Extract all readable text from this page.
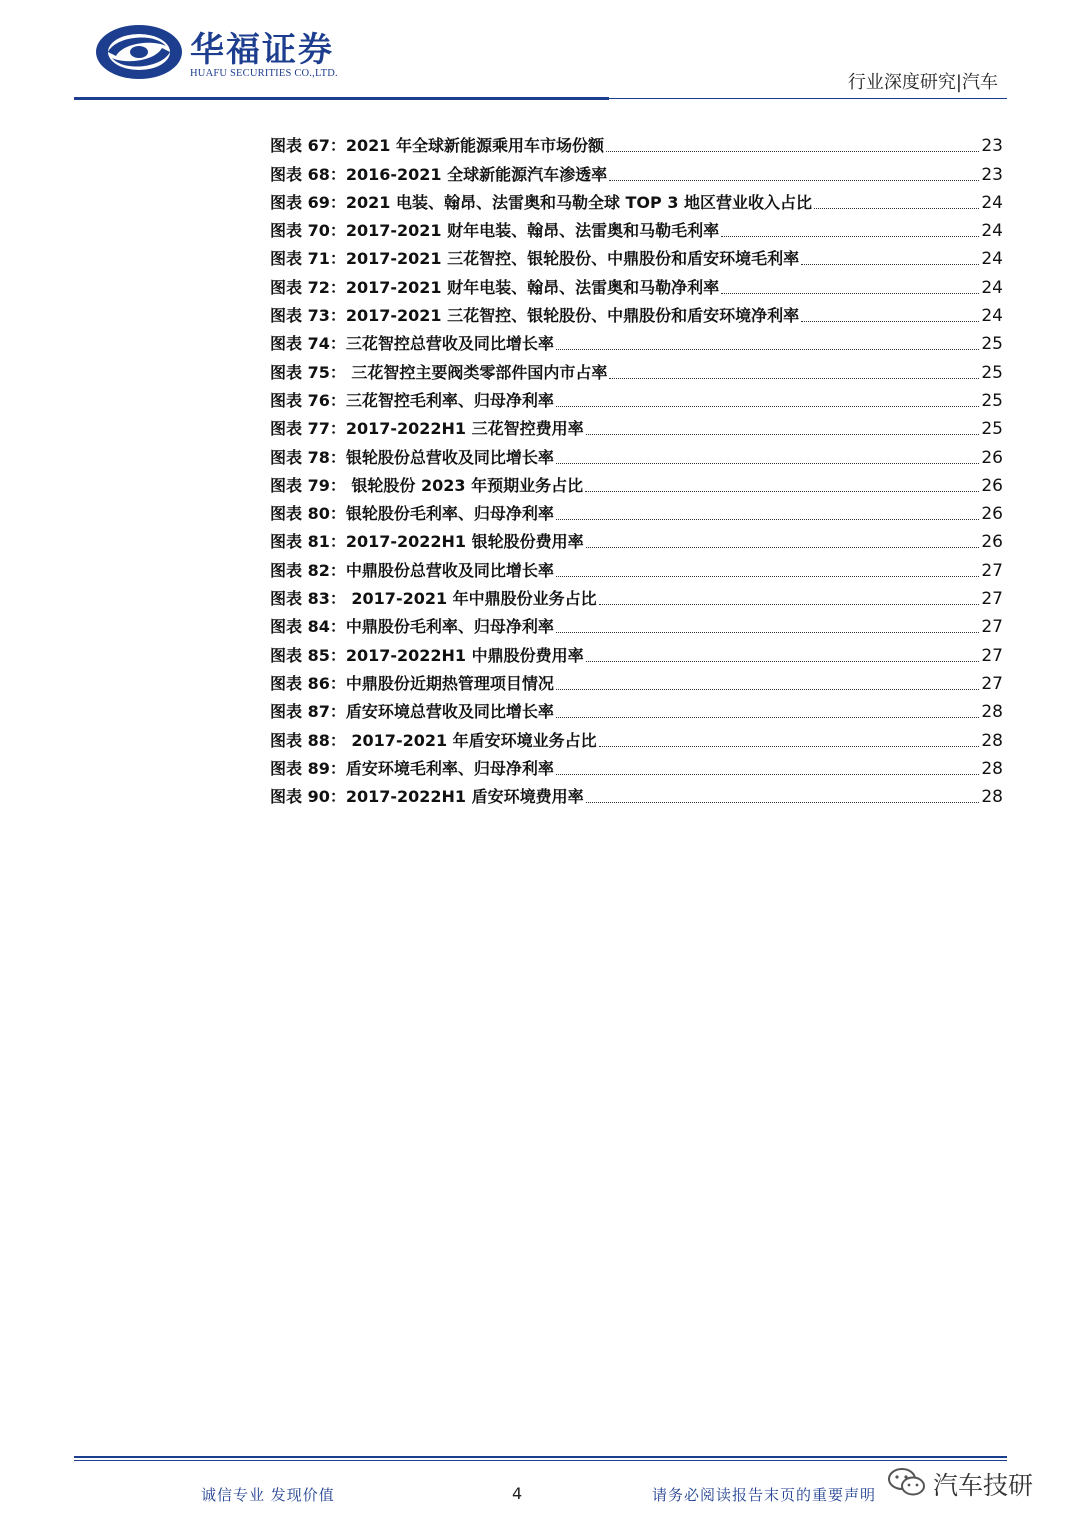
华福证券
HUAFU SECURITIES CO.,LTD.	行业深度研究|汽车
图表 67：2021 年全球新能源乘用车市场份额	23
图表 68：2016-2021 全球新能源汽车渗透率	23
图表 69：2021 电装、翰昂、法雷奥和马勒全球 TOP 3 地区营业收入占比	24
图表 70：2017-2021 财年电装、翰昂、法雷奥和马勒毛利率	24
图表 71：2017-2021 三花智控、银轮股份、中鼎股份和盾安环境毛利率	24
图表 72：2017-2021 财年电装、翰昂、法雷奥和马勒净利率	24
图表 73：2017-2021 三花智控、银轮股份、中鼎股份和盾安环境净利率	24
图表 74：三花智控总营收及同比增长率	25
图表 75： 三花智控主要阀类零部件国内市占率	25
图表 76：三花智控毛利率、归母净利率	25
图表 77：2017-2022H1 三花智控费用率	25
图表 78：银轮股份总营收及同比增长率	26
图表 79： 银轮股份 2023 年预期业务占比	26
图表 80：银轮股份毛利率、归母净利率	26
图表 81：2017-2022H1 银轮股份费用率	26
图表 82：中鼎股份总营收及同比增长率	27
图表 83： 2017-2021 年中鼎股份业务占比	27
图表 84：中鼎股份毛利率、归母净利率	27
图表 85：2017-2022H1 中鼎股份费用率	27
图表 86：中鼎股份近期热管理项目情况	27
图表 87：盾安环境总营收及同比增长率	28
图表 88： 2017-2021 年盾安环境业务占比	28
图表 89：盾安环境毛利率、归母净利率	28
图表 90：2017-2022H1 盾安环境费用率	28
诚信专业 发现价值	4	请务必阅读报告末页的重要声明 汽车技研
